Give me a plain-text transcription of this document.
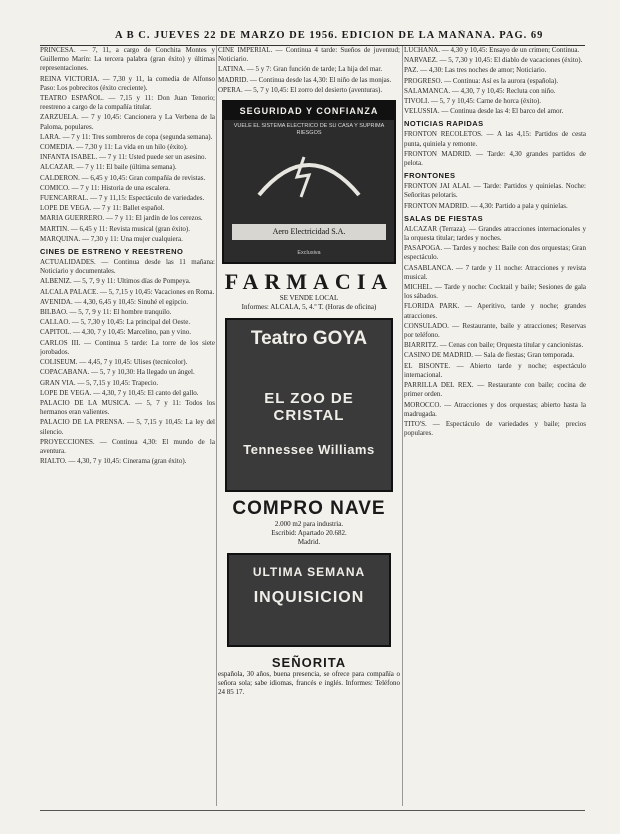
A B C. JUEVES 22 DE MARZO DE 1956. EDICION DE LA MAÑANA. PAG. 69

PRINCESA. — 7, 11, a cargo de Conchita Montes y Guillermo Marín: La tercera palabra (gran éxito) y últimas representaciones.

REINA VICTORIA. — 7,30 y 11, la comedia de Alfonso Paso: Los pobrecitos (éxito creciente).

TEATRO ESPAÑOL. — 7,15 y 11: Don Juan Tenorio; reestreno a cargo de la compañía titular.

ZARZUELA. — 7 y 10,45: Cancionera y La Verbena de la Paloma, populares.

LARA. — 7 y 11: Tres sombreros de copa (segunda semana).

COMEDIA. — 7,30 y 11: La vida en un hilo (éxito).

INFANTA ISABEL. — 7 y 11: Usted puede ser un asesino.

ALCAZAR. — 7 y 11: El baile (última semana).

CALDERON. — 6,45 y 10,45: Gran compañía de revistas.

COMICO. — 7 y 11: Historia de una escalera.

FUENCARRAL. — 7 y 11,15: Espectáculo de variedades.

LOPE DE VEGA. — 7 y 11: Ballet español.

MARIA GUERRERO. — 7 y 11: El jardín de los cerezos.

MARTIN. — 6,45 y 11: Revista musical (gran éxito).

MARQUINA. — 7,30 y 11: Una mujer cualquiera.

CINES DE ESTRENO Y REESTRENO

ACTUALIDADES. — Continua desde las 11 mañana: Noticiario y documentales.

ALBENIZ. — 5, 7, 9 y 11: Ultimos días de Pompeya.

ALCALA PALACE. — 5, 7,15 y 10,45: Vacaciones en Roma.

AVENIDA. — 4,30, 6,45 y 10,45: Sinuhé el egipcio.

BILBAO. — 5, 7, 9 y 11: El hombre tranquilo.

CALLAO. — 5, 7,30 y 10,45: La principal del Oeste.

CAPITOL. — 4,30, 7 y 10,45: Marcelino, pan y vino.

CARLOS III. — Continua 5 tarde: La torre de los siete jorobados.

COLISEUM. — 4,45, 7 y 10,45: Ulises (tecnicolor).

COPACABANA. — 5, 7 y 10,30: Ha llegado un ángel.

GRAN VIA. — 5, 7,15 y 10,45: Trapecio.

LOPE DE VEGA. — 4,30, 7 y 10,45: El canto del gallo.

PALACIO DE LA MUSICA. — 5, 7 y 11: Todos los hermanos eran valientes.

PALACIO DE LA PRENSA. — 5, 7,15 y 10,45: La ley del silencio.

PROYECCIONES. — Continua 4,30: El mundo de la aventura.

RIALTO. — 4,30, 7 y 10,45: Cinerama (gran éxito).

CINE IMPERIAL. — Continua 4 tarde: Sueños de juventud; Noticiario.

LATINA. — 5 y 7: Gran función de tarde; La hija del mar.

MADRID. — Continua desde las 4,30: El niño de las monjas.

OPERA. — 5, 7 y 10,45: El zorro del desierto (aventuras).

SEGURIDAD Y CONFIANZA
VUELE EL SISTEMA ELECTRICO DE SU CASA Y SUPRIMA RIESGOS
Aero Electricidad S.A.
Exclusiva
FARMACIA
SE VENDE LOCAL
Informes: ALCALA, 5, 4.º T. (Horas de oficina)
Teatro GOYA
EL ZOO DE CRISTAL
Tennessee Williams
COMPRO NAVE
2.000 m2 para industria.
Escribid: Apartado 20.682.
Madrid.
ULTIMA SEMANA
INQUISICION
SEÑORITA
española, 30 años, buena presencia, se ofrece para compañía o señora sola; sabe idiomas, francés e inglés. Informes: Teléfono 24 85 17.

LUCHANA. — 4,30 y 10,45: Ensayo de un crimen; Continua.

NARVAEZ. — 5, 7,30 y 10,45: El diablo de vacaciones (éxito).

PAZ. — 4,30: Las tres noches de amor; Noticiario.

PROGRESO. — Continua: Así es la aurora (española).

SALAMANCA. — 4,30, 7 y 10,45: Recluta con niño.

TIVOLI. — 5, 7 y 10,45: Carne de horca (éxito).

VELUSSIA. — Continua desde las 4: El barco del amor.

NOTICIAS RAPIDAS

FRONTON RECOLETOS. — A las 4,15: Partidos de cesta punta, quiniela y remonte.

FRONTON MADRID. — Tarde: 4,30 grandes partidos de pelota.

FRONTONES

FRONTON JAI ALAI. — Tarde: Partidos y quinielas. Noche: Señoritas pelotaris.

FRONTON MADRID. — 4,30: Partido a pala y quinielas.

SALAS DE FIESTAS

ALCAZAR (Terraza). — Grandes atracciones internacionales y la orquesta titular; tardes y noches.

PASAPOGA. — Tardes y noches: Baile con dos orquestas; Gran espectáculo.

CASABLANCA. — 7 tarde y 11 noche: Atracciones y revista musical.

MICHEL. — Tarde y noche: Cocktail y baile; Sesiones de gala los sábados.

FLORIDA PARK. — Aperitivo, tarde y noche; grandes atracciones.

CONSULADO. — Restaurante, baile y atracciones; Reservas por teléfono.

BIARRITZ. — Cenas con baile; Orquesta titular y cancionistas.

CASINO DE MADRID. — Sala de fiestas; Gran temporada.

EL BISONTE. — Abierto tarde y noche; espectáculo internacional.

PARRILLA DEL REX. — Restaurante con baile; cocina de primer orden.

MOROCCO. — Atracciones y dos orquestas; abierto hasta la madrugada.

TITO'S. — Espectáculo de variedades y baile; precios populares.
